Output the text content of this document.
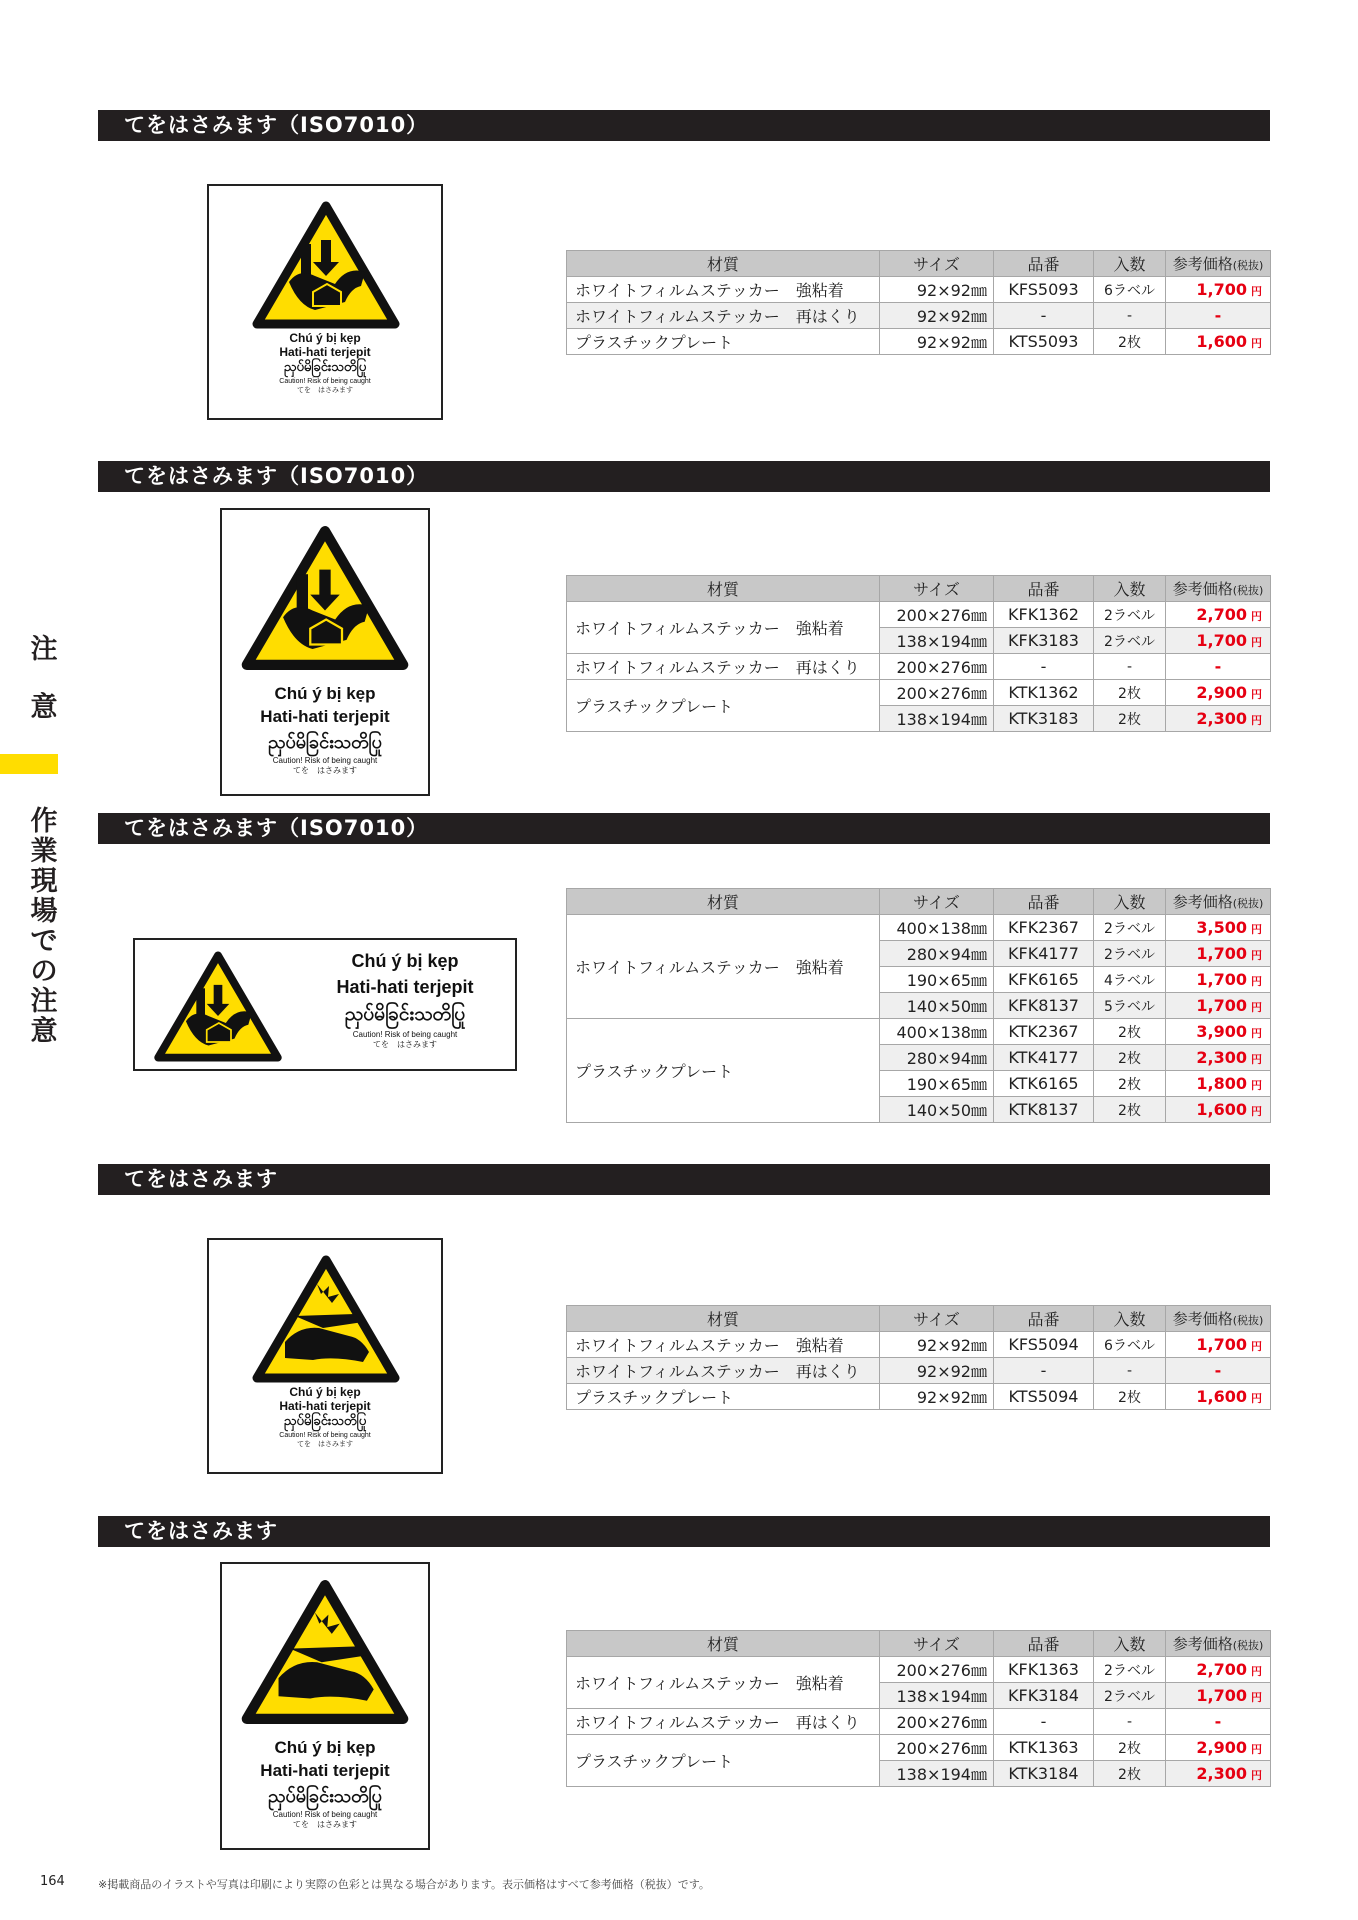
注
意
作
業
現
場
で
の
注
意
てをはさみます（ISO7010）
Chú ý bị kẹp
Hati-hati terjepit
ညှပ်မိခြင်းသတိပြု
Caution! Risk of being caught
てを　はさみます
材質	サイズ	品番	入数	参考価格(税抜)
ホワイトフィルムステッカー　強粘着	92×92㎜	KFS5093	6ラベル	1,700 円
ホワイトフィルムステッカー　再はくり	92×92㎜	-	-	-
プラスチックプレート	92×92㎜	KTS5093	2枚	1,600 円
てをはさみます（ISO7010）
Chú ý bị kẹp
Hati-hati terjepit
ညှပ်မိခြင်းသတိပြု
Caution! Risk of being caught
てを　はさみます
材質	サイズ	品番	入数	参考価格(税抜)
ホワイトフィルムステッカー　強粘着	200×276㎜	KFK1362	2ラベル	2,700 円
	138×194㎜	KFK3183	2ラベル	1,700 円
ホワイトフィルムステッカー　再はくり	200×276㎜	-	-	-
プラスチックプレート	200×276㎜	KTK1362	2枚	2,900 円
	138×194㎜	KTK3183	2枚	2,300 円
てをはさみます（ISO7010）
Chú ý bị kẹp
Hati-hati terjepit
ညှပ်မိခြင်းသတိပြု
Caution! Risk of being caught
てを　はさみます
材質	サイズ	品番	入数	参考価格(税抜)
ホワイトフィルムステッカー　強粘着	400×138㎜	KFK2367	2ラベル	3,500 円
	280×94㎜	KFK4177	2ラベル	1,700 円
	190×65㎜	KFK6165	4ラベル	1,700 円
	140×50㎜	KFK8137	5ラベル	1,700 円
プラスチックプレート	400×138㎜	KTK2367	2枚	3,900 円
	280×94㎜	KTK4177	2枚	2,300 円
	190×65㎜	KTK6165	2枚	1,800 円
	140×50㎜	KTK8137	2枚	1,600 円
てをはさみます
Chú ý bị kẹp
Hati-hati terjepit
ညှပ်မိခြင်းသတိပြု
Caution! Risk of being caught
てを　はさみます
材質	サイズ	品番	入数	参考価格(税抜)
ホワイトフィルムステッカー　強粘着	92×92㎜	KFS5094	6ラベル	1,700 円
ホワイトフィルムステッカー　再はくり	92×92㎜	-	-	-
プラスチックプレート	92×92㎜	KTS5094	2枚	1,600 円
てをはさみます
Chú ý bị kẹp
Hati-hati terjepit
ညှပ်မိခြင်းသတိပြု
Caution! Risk of being caught
てを　はさみます
材質	サイズ	品番	入数	参考価格(税抜)
ホワイトフィルムステッカー　強粘着	200×276㎜	KFK1363	2ラベル	2,700 円
	138×194㎜	KFK3184	2ラベル	1,700 円
ホワイトフィルムステッカー　再はくり	200×276㎜	-	-	-
プラスチックプレート	200×276㎜	KTK1363	2枚	2,900 円
	138×194㎜	KTK3184	2枚	2,300 円
164	※掲載商品のイラストや写真は印刷により実際の色彩とは異なる場合があります。表示価格はすべて参考価格（税抜）です。
